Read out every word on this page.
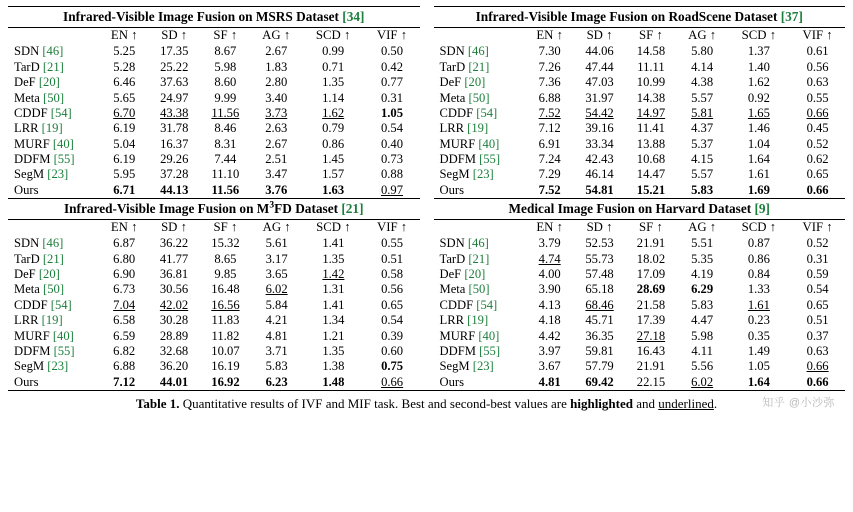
Infrared-Visible Image Fusion on MSRS Dataset [34]
	EN ↑	SD ↑	SF ↑	AG ↑	SCD ↑	VIF ↑
SDN [46]	5.25	17.35	8.67	2.67	0.99	0.50
TarD [21]	5.28	25.22	5.98	1.83	0.71	0.42
DeF [20]	6.46	37.63	8.60	2.80	1.35	0.77
Meta [50]	5.65	24.97	9.99	3.40	1.14	0.31
CDDF [54]	6.70	43.38	11.56	3.73	1.62	1.05
LRR [19]	6.19	31.78	8.46	2.63	0.79	0.54
MURF [40]	5.04	16.37	8.31	2.67	0.86	0.40
DDFM [55]	6.19	29.26	7.44	2.51	1.45	0.73
SegM [23]	5.95	37.28	11.10	3.47	1.57	0.88
Ours	6.71	44.13	11.56	3.76	1.63	0.97
Infrared-Visible Image Fusion on RoadScene Dataset [37]
	EN ↑	SD ↑	SF ↑	AG ↑	SCD ↑	VIF ↑
SDN [46]	7.30	44.06	14.58	5.80	1.37	0.61
TarD [21]	7.26	47.44	11.11	4.14	1.40	0.56
DeF [20]	7.36	47.03	10.99	4.38	1.62	0.63
Meta [50]	6.88	31.97	14.38	5.57	0.92	0.55
CDDF [54]	7.52	54.42	14.97	5.81	1.65	0.66
LRR [19]	7.12	39.16	11.41	4.37	1.46	0.45
MURF [40]	6.91	33.34	13.88	5.37	1.04	0.52
DDFM [55]	7.24	42.43	10.68	4.15	1.64	0.62
SegM [23]	7.29	46.14	14.47	5.57	1.61	0.65
Ours	7.52	54.81	15.21	5.83	1.69	0.66
Infrared-Visible Image Fusion on $M^3FD$ Dataset [21]
	EN ↑	SD ↑	SF ↑	AG ↑	SCD ↑	VIF ↑
SDN [46]	6.87	36.22	15.32	5.61	1.41	0.55
TarD [21]	6.80	41.77	8.65	3.17	1.35	0.51
DeF [20]	6.90	36.81	9.85	3.65	1.42	0.58
Meta [50]	6.73	30.56	16.48	6.02	1.31	0.56
CDDF [54]	7.04	42.02	16.56	5.84	1.41	0.65
LRR [19]	6.58	30.28	11.83	4.21	1.34	0.54
MURF [40]	6.59	28.89	11.82	4.81	1.21	0.39
DDFM [55]	6.82	32.68	10.07	3.71	1.35	0.60
SegM [23]	6.88	36.20	16.19	5.83	1.38	0.75
Ours	7.12	44.01	16.92	6.23	1.48	0.66
Medical Image Fusion on Harvard Dataset [9]
	EN ↑	SD ↑	SF ↑	AG ↑	SCD ↑	VIF ↑
SDN [46]	3.79	52.53	21.91	5.51	0.87	0.52
TarD [21]	4.74	55.73	18.02	5.35	0.86	0.31
DeF [20]	4.00	57.48	17.09	4.19	0.84	0.59
Meta [50]	3.90	65.18	28.69	6.29	1.33	0.54
CDDF [54]	4.13	68.46	21.58	5.83	1.61	0.65
LRR [19]	4.18	45.71	17.39	4.47	0.23	0.51
MURF [40]	4.42	36.35	27.18	5.98	0.35	0.37
DDFM [55]	3.97	59.81	16.43	4.11	1.49	0.63
SegM [23]	3.67	57.79	21.91	5.56	1.05	0.66
Ours	4.81	69.42	22.15	6.02	1.64	0.66
Table 1. Quantitative results of IVF and MIF task. Best and second-best values are highlighted and underlined.	知乎 @小沙弥
